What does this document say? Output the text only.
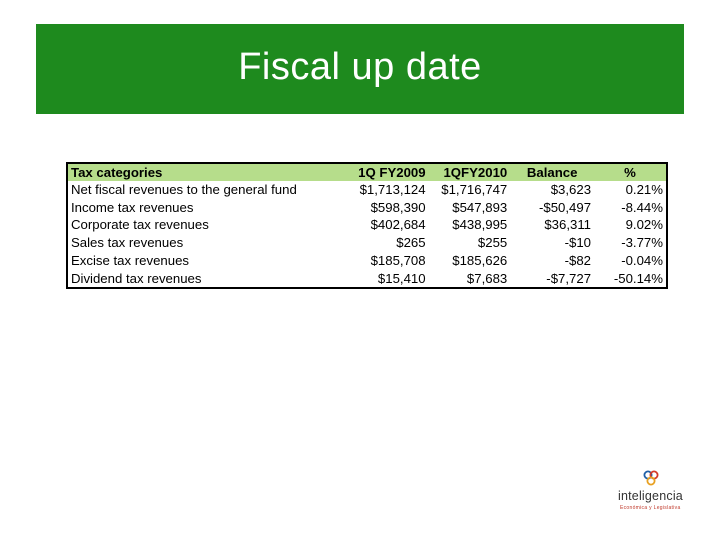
Fiscal up date
Tax categories	1Q FY2009	1QFY2010	Balance	%
Net fiscal revenues to the general fund	$1,713,124	$1,716,747	$3,623	0.21%
Income tax revenues	$598,390	$547,893	-$50,497	-8.44%
Corporate tax revenues	$402,684	$438,995	$36,311	9.02%
Sales tax revenues	$265	$255	-$10	-3.77%
Excise tax revenues	$185,708	$185,626	-$82	-0.04%
Dividend tax revenues	$15,410	$7,683	-$7,727	-50.14%
inteligencia
Económica y Legislativa
